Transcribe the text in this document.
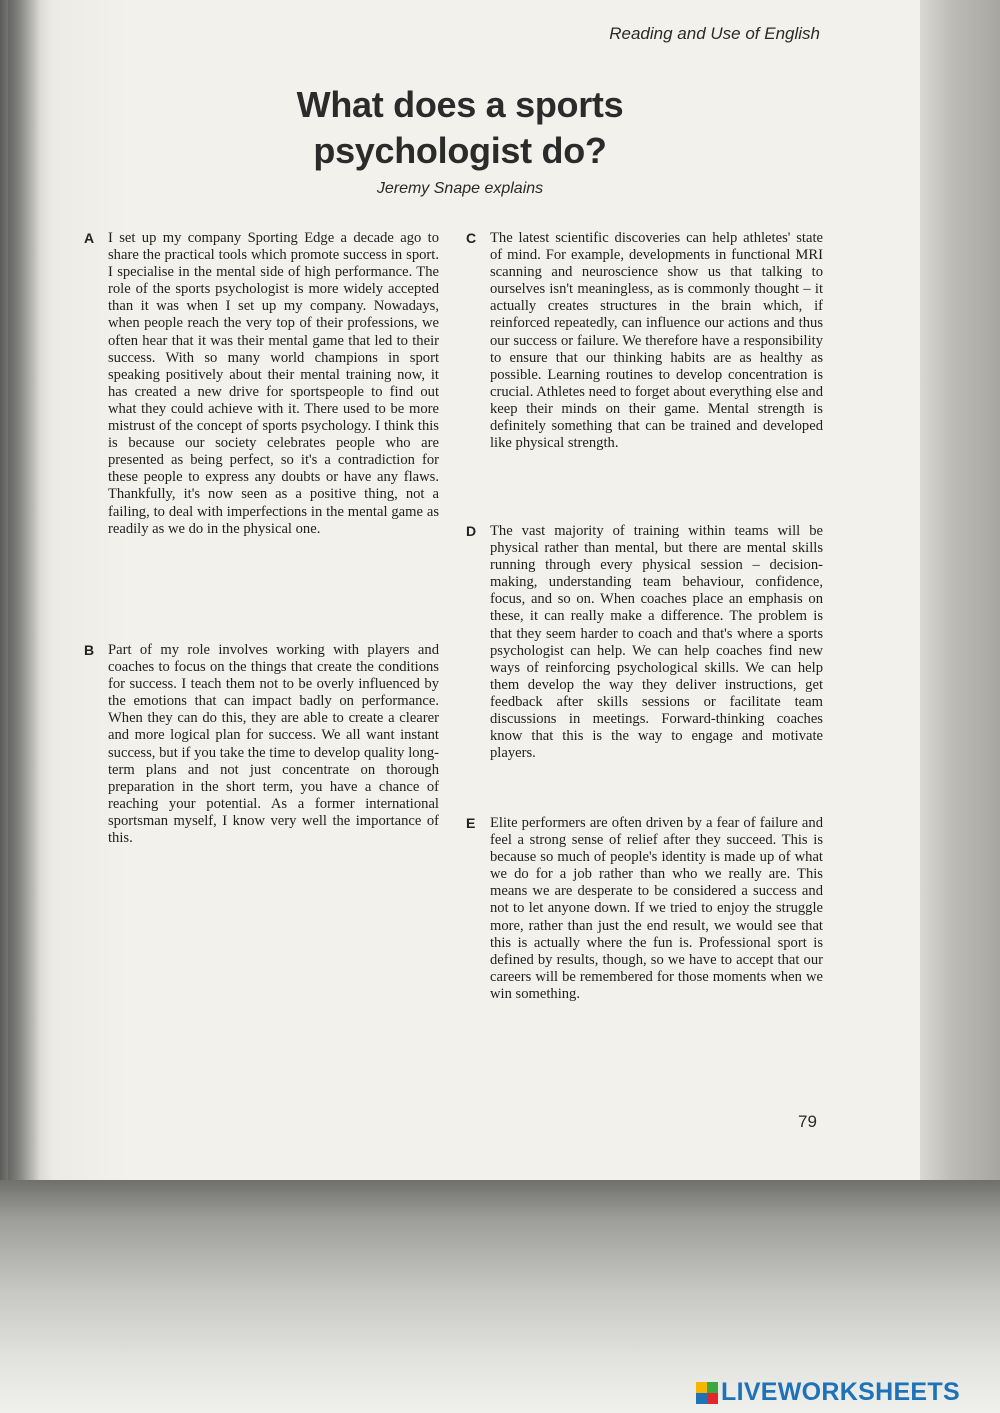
Reading and Use of English
What does a sports psychologist do?
Jeremy Snape explains
A I set up my company Sporting Edge a decade ago to share the practical tools which promote success in sport. I specialise in the mental side of high performance. The role of the sports psychologist is more widely accepted than it was when I set up my company. Nowadays, when people reach the very top of their professions, we often hear that it was their mental game that led to their success. With so many world champions in sport speaking positively about their mental training now, it has created a new drive for sportspeople to find out what they could achieve with it. There used to be more mistrust of the concept of sports psychology. I think this is because our society celebrates people who are presented as being perfect, so it's a contradiction for these people to express any doubts or have any flaws. Thankfully, it's now seen as a positive thing, not a failing, to deal with imperfections in the mental game as readily as we do in the physical one.
B Part of my role involves working with players and coaches to focus on the things that create the conditions for success. I teach them not to be overly influenced by the emotions that can impact badly on performance. When they can do this, they are able to create a clearer and more logical plan for success. We all want instant success, but if you take the time to develop quality long-term plans and not just concentrate on thorough preparation in the short term, you have a chance of reaching your potential. As a former international sportsman myself, I know very well the importance of this.
C The latest scientific discoveries can help athletes' state of mind. For example, developments in functional MRI scanning and neuroscience show us that talking to ourselves isn't meaningless, as is commonly thought – it actually creates structures in the brain which, if reinforced repeatedly, can influence our actions and thus our success or failure. We therefore have a responsibility to ensure that our thinking habits are as healthy as possible. Learning routines to develop concentration is crucial. Athletes need to forget about everything else and keep their minds on their game. Mental strength is definitely something that can be trained and developed like physical strength.
D The vast majority of training within teams will be physical rather than mental, but there are mental skills running through every physical session – decision-making, understanding team behaviour, confidence, focus, and so on. When coaches place an emphasis on these, it can really make a difference. The problem is that they seem harder to coach and that's where a sports psychologist can help. We can help coaches find new ways of reinforcing psychological skills. We can help them develop the way they deliver instructions, get feedback after skills sessions or facilitate team discussions in meetings. Forward-thinking coaches know that this is the way to engage and motivate players.
E Elite performers are often driven by a fear of failure and feel a strong sense of relief after they succeed. This is because so much of people's identity is made up of what we do for a job rather than who we really are. This means we are desperate to be considered a success and not to let anyone down. If we tried to enjoy the struggle more, rather than just the end result, we would see that this is actually where the fun is. Professional sport is defined by results, though, so we have to accept that our careers will be remembered for those moments when we win something.
79
LIVEWORKSHEETS
